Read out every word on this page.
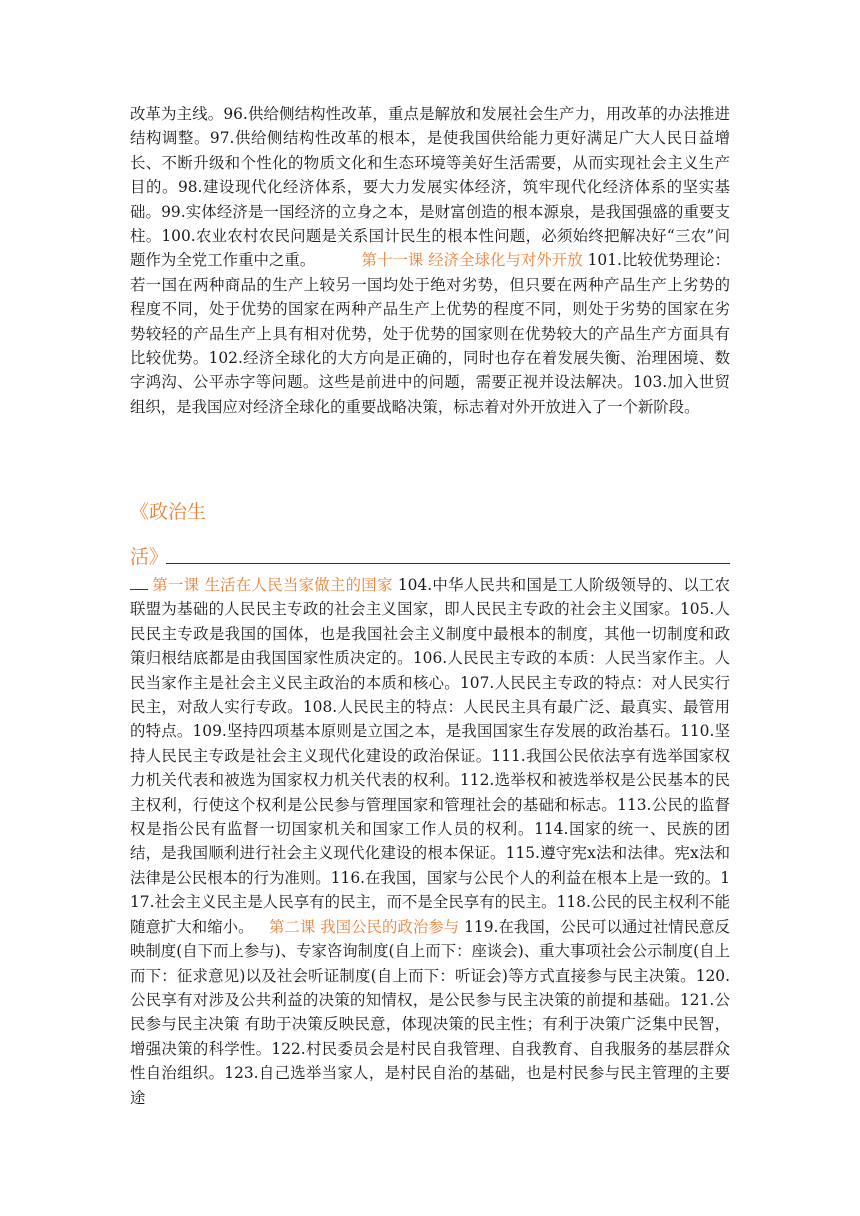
改革为主线。96.供给侧结构性改革，重点是解放和发展社会生产力，用改革的办法推进结构调整。97.供给侧结构性改革的根本，是使我国供给能力更好满足广大人民日益增长、不断升级和个性化的物质文化和生态环境等美好生活需要，从而实现社会主义生产目的。98.建设现代化经济体系，要大力发展实体经济，筑牢现代化经济体系的坚实基础。99.实体经济是一国经济的立身之本，是财富创造的根本源泉，是我国强盛的重要支柱。100.农业农村农民问题是关系国计民生的根本性问题，必须始终把解决好“三农”问题作为全党工作重中之重。   	第十一课 经济全球化与对外开放 101.比较优势理论：若一国在两种商品的生产上较另一国均处于绝对劣势，但只要在两种产品生产上劣势的程度不同，处于优势的国家在两种产品生产上优势的程度不同，则处于劣势的国家在劣势较轻的产品生产上具有相对优势，处于优势的国家则在优势较大的产品生产方面具有比较优势。102.经济全球化的大方向是正确的，同时也存在着发展失衡、治理困境、数字鸿沟、公平赤字等问题。这些是前进中的问题，需要正视并设法解决。103.加入世贸组织，是我国应对经济全球化的重要战略决策，标志着对外开放进入了一个新阶段。
《政治生
活》
第一课 生活在人民当家做主的国家 104.中华人民共和国是工人阶级领导的、以工农联盟为基础的人民民主专政的社会主义国家，即人民民主专政的社会主义国家。105.人民民主专政是我国的国体，也是我国社会主义制度中最根本的制度，其他一切制度和政策归根结底都是由我国国家性质决定的。106.人民民主专政的本质：人民当家作主。人民当家作主是社会主义民主政治的本质和核心。107.人民民主专政的特点：对人民实行民主，对敌人实行专政。108.人民民主的特点：人民民主具有最广泛、最真实、最管用的特点。109.坚持四项基本原则是立国之本，是我国国家生存发展的政治基石。110.坚持人民民主专政是社会主义现代化建设的政治保证。111.我国公民依法享有选举国家权力机关代表和被选为国家权力机关代表的权利。112.选举权和被选举权是公民基本的民主权利，行使这个权利是公民参与管理国家和管理社会的基础和标志。113.公民的监督权是指公民有监督一切国家机关和国家工作人员的权利。114.国家的统一、民族的团结，是我国顺利进行社会主义现代化建设的根本保证。115.遵守宪x法和法律。宪x法和法律是公民根本的行为准则。116.在我国，国家与公民个人的利益在根本上是一致的。117.社会主义民主是人民享有的民主，而不是全民享有的民主。118.公民的民主权利不能随意扩大和缩小。  第二课 我国公民的政治参与 119.在我国，公民可以通过社情民意反映制度(自下而上参与)、专家咨询制度(自上而下：座谈会)、重大事项社会公示制度(自上而下：征求意见)以及社会听证制度(自上而下：听证会)等方式直接参与民主决策。120.公民享有对涉及公共利益的决策的知情权，是公民参与民主决策的前提和基础。121.公民参与民主决策 有助于决策反映民意，体现决策的民主性；有利于决策广泛集中民智，增强决策的科学性。122.村民委员会是村民自我管理、自我教育、自我服务的基层群众性自治组织。123.自己选举当家人，是村民自治的基础，也是村民参与民主管理的主要途
